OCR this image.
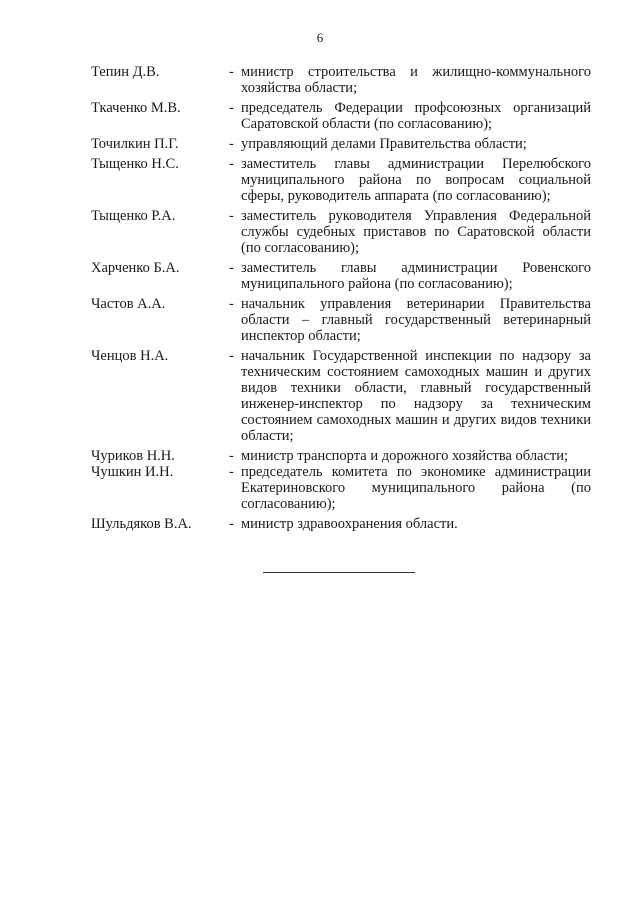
6
Тепин Д.В.	- министр строительства и жилищно-коммунального хозяйства области;
Ткаченко М.В.	- председатель Федерации профсоюзных организаций Саратовской области (по согласованию);
Точилкин П.Г.	- управляющий делами Правительства области;
Тыщенко Н.С.	- заместитель главы администрации Перелюбского муниципального района по вопросам социальной сферы, руководитель аппарата (по согласованию);
Тыщенко Р.А.	- заместитель руководителя Управления Федеральной службы судебных приставов по Саратовской области (по согласованию);
Харченко Б.А.	- заместитель главы администрации Ровенского муниципального района (по согласованию);
Частов А.А.	- начальник управления ветеринарии Правительства области – главный государственный ветеринарный инспектор области;
Ченцов Н.А.	- начальник Государственной инспекции по надзору за техническим состоянием самоходных машин и других видов техники области, главный государственный инженер-инспектор по надзору за техническим состоянием самоходных машин и других видов техники области;
Чуриков Н.Н.	- министр транспорта и дорожного хозяйства области;
Чушкин И.Н.	- председатель комитета по экономике администрации Екатериновского муниципального района (по согласованию);
Шульдяков В.А.	- министр здравоохранения области.
